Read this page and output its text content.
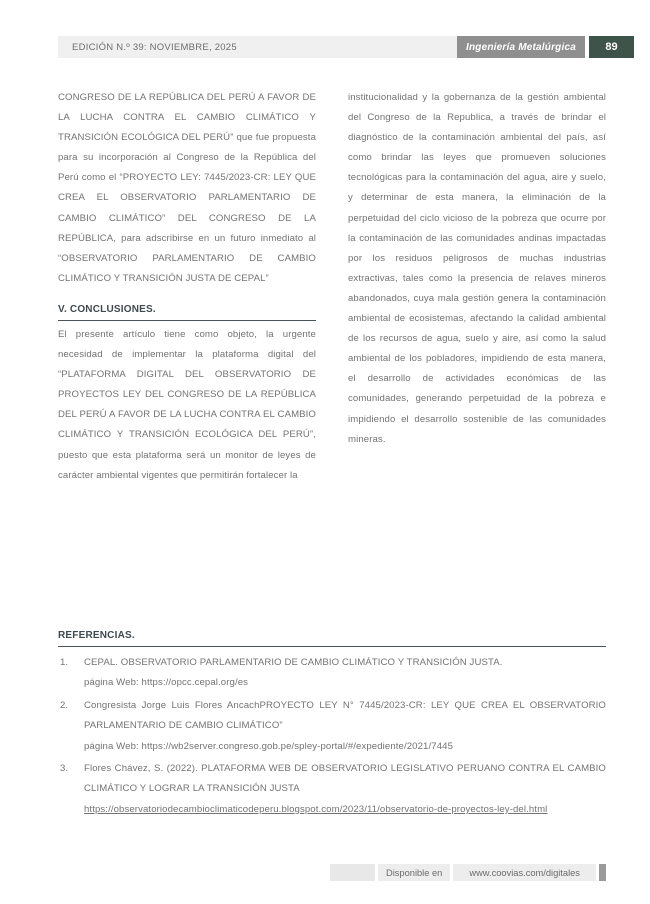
EDICIÓN N.º 39: NOVIEMBRE, 2025	Ingeniería Metalúrgica	89

CONGRESO DE LA REPÚBLICA DEL PERÚ A FAVOR DE LA LUCHA CONTRA EL CAMBIO CLIMÁTICO Y TRANSICIÓN ECOLÓGICA DEL PERÚ” que fue propuesta para su incorporación al Congreso de la República del Perú como el “PROYECTO LEY: 7445/2023-CR: LEY QUE CREA EL OBSERVATORIO PARLAMENTARIO DE CAMBIO CLIMÁTICO” DEL CONGRESO DE LA REPÚBLICA, para adscribirse en un futuro inmediato al “OBSERVATORIO PARLAMENTARIO DE CAMBIO CLIMÁTICO Y TRANSICIÓN JUSTA DE CEPAL”

V. CONCLUSIONES.

El presente artículo tiene como objeto, la urgente necesidad de implementar la plataforma digital del “PLATAFORMA DIGITAL DEL OBSERVATORIO DE PROYECTOS LEY DEL CONGRESO DE LA REPÚBLICA DEL PERÚ A FAVOR DE LA LUCHA CONTRA EL CAMBIO CLIMÁTICO Y TRANSICIÓN ECOLÓGICA DEL PERÚ”, puesto que esta plataforma será un monitor de leyes de carácter ambiental vigentes que permitirán fortalecer la

institucionalidad y la gobernanza de la gestión ambiental del Congreso de la Republica, a través de brindar el diagnóstico de la contaminación ambiental del país, así como brindar las leyes que promueven soluciones tecnológicas para la contaminación del agua, aire y suelo, y determinar de esta manera, la eliminación de la perpetuidad del ciclo vicioso de la pobreza que ocurre por la contaminación de las comunidades andinas impactadas por los residuos peligrosos de muchas industrias extractivas, tales como la presencia de relaves mineros abandonados, cuya mala gestión genera la contaminación ambiental de ecosistemas, afectando la calidad ambiental de los recursos de agua, suelo y aire, así como la salud ambiental de los pobladores, impidiendo de esta manera, el desarrollo de actividades económicas de las comunidades, generando perpetuidad de la pobreza e impidiendo el desarrollo sostenible de las comunidades mineras.

REFERENCIAS.
1.	CEPAL. OBSERVATORIO PARLAMENTARIO DE CAMBIO CLIMÁTICO Y TRANSICIÓN JUSTA.
página Web: https://opcc.cepal.org/es
2.	Congresista Jorge Luis Flores AncachPROYECTO LEY N° 7445/2023-CR: LEY QUE CREA EL OBSERVATORIO PARLAMENTARIO DE CAMBIO CLIMÁTICO”
página Web: https://wb2server.congreso.gob.pe/spley-portal/#/expediente/2021/7445
3.	Flores Chávez, S. (2022). PLATAFORMA WEB DE OBSERVATORIO LEGISLATIVO PERUANO CONTRA EL CAMBIO CLIMÁTICO Y LOGRAR LA TRANSICIÓN JUSTA
https://observatoriodecambioclimaticodeperu.blogspot.com/2023/11/observatorio-de-proyectos-ley-del.html
Disponible en	www.coovias.com/digitales
